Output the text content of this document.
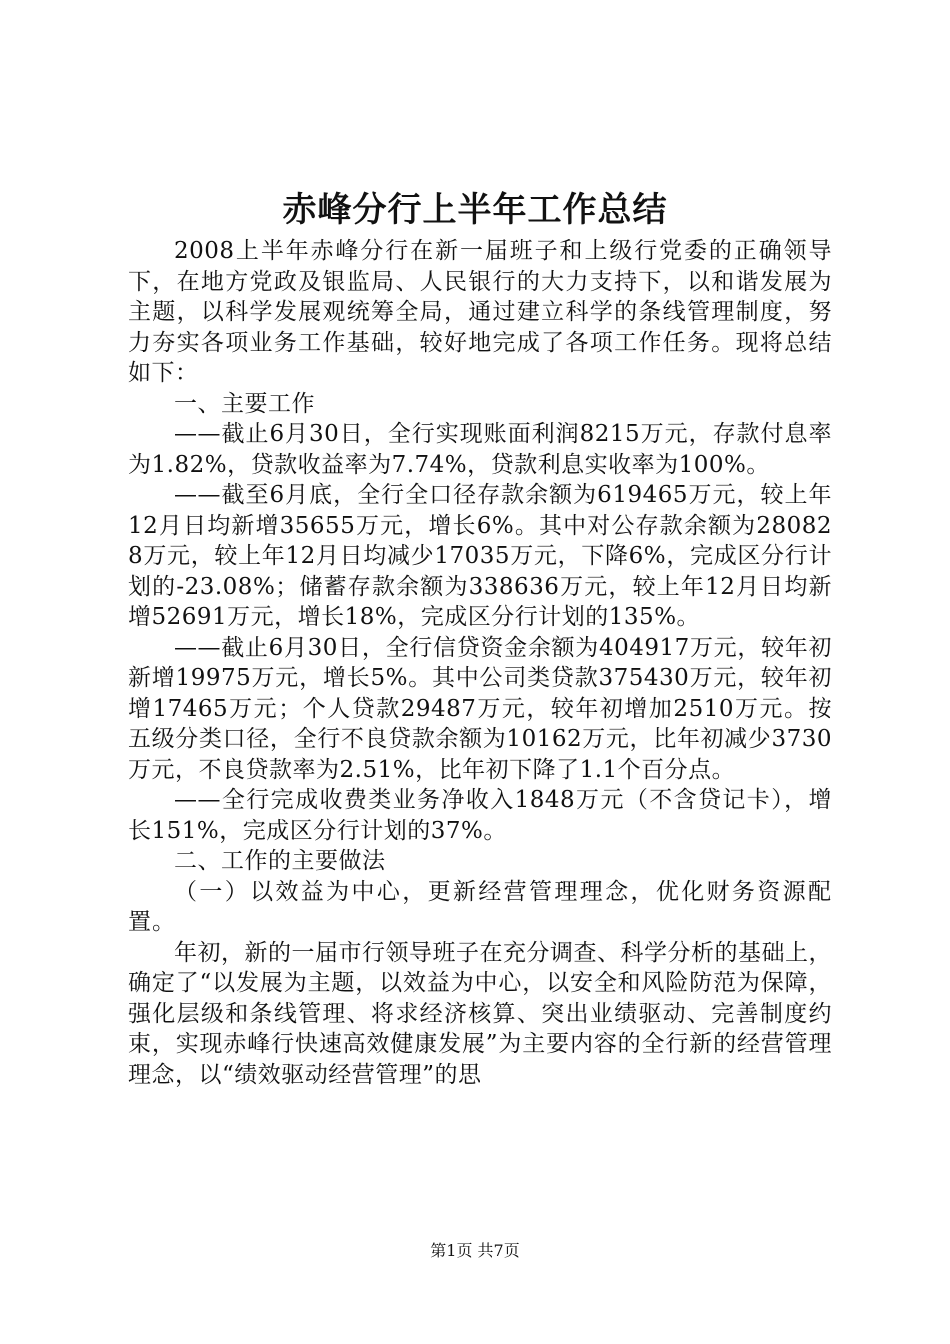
赤峰分行上半年工作总结

2008上半年赤峰分行在新一届班子和上级行党委的正确领导下，在地方党政及银监局、人民银行的大力支持下，以和谐发展为主题，以科学发展观统筹全局，通过建立科学的条线管理制度，努力夯实各项业务工作基础，较好地完成了各项工作任务。现将总结如下：

一、主要工作

——截止6月30日，全行实现账面利润8215万元，存款付息率为1.82%，贷款收益率为7.74%，贷款利息实收率为100%。

——截至6月底，全行全口径存款余额为619465万元，较上年12月日均新增35655万元，增长6%。其中对公存款余额为280828万元，较上年12月日均减少17035万元，下降6%，完成区分行计划的-23.08%；储蓄存款余额为338636万元，较上年12月日均新增52691万元，增长18%，完成区分行计划的135%。

——截止6月30日，全行信贷资金余额为404917万元，较年初新增19975万元，增长5%。其中公司类贷款375430万元，较年初增17465万元；个人贷款29487万元，较年初增加2510万元。按五级分类口径，全行不良贷款余额为10162万元，比年初减少3730万元，不良贷款率为2.51%，比年初下降了1.1个百分点。

——全行完成收费类业务净收入1848万元（不含贷记卡），增长151%，完成区分行计划的37%。

二、工作的主要做法

（一）以效益为中心，更新经营管理理念，优化财务资源配置。

年初，新的一届市行领导班子在充分调查、科学分析的基础上，确定了“以发展为主题，以效益为中心，以安全和风险防范为保障，强化层级和条线管理、将求经济核算、突出业绩驱动、完善制度约束，实现赤峰行快速高效健康发展”为主要内容的全行新的经营管理理念，以“绩效驱动经营管理”的思

第1页 共7页
